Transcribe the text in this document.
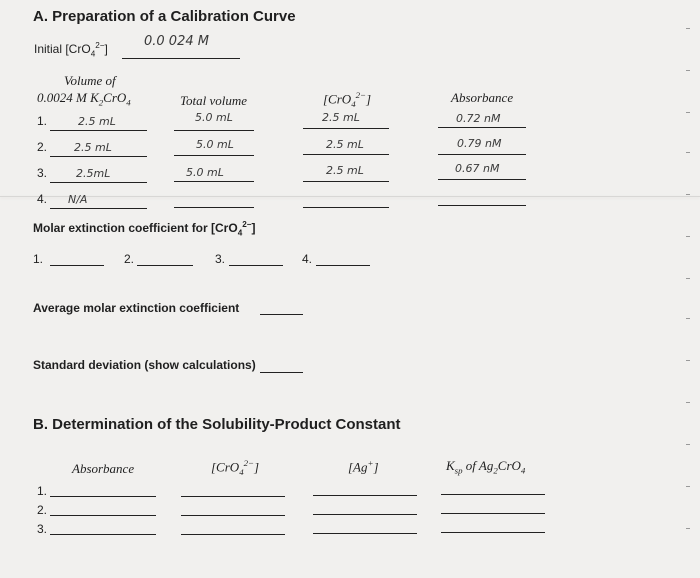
A. Preparation of a Calibration Curve
Initial [CrO$_4^{2-}$]	0.0 024 M
Volume of
0.0024 M $K_2CrO_4$	Total volume	[CrO$_4^{2-}$]	Absorbance
1.	2.5 mL	5.0 mL	2.5 mL	0.72 nM
2. 2.5 mL	5.0 mL	2.5 mL	0.79 nM
3.	2.5mL	5.0 mL	2.5 mL	0.67 nM
4. N/A
Molar extinction coefficient for [CrO$_4^{2-}$]
1.	2.	3.	4.
Average molar extinction coefficient
Standard deviation (show calculations)
B. Determination of the Solubility-Product Constant
Absorbance	[CrO$_4^{2-}$]	[Ag+]	$K_{sp}$ of $Ag_2CrO_4$
1.
2.
3.
